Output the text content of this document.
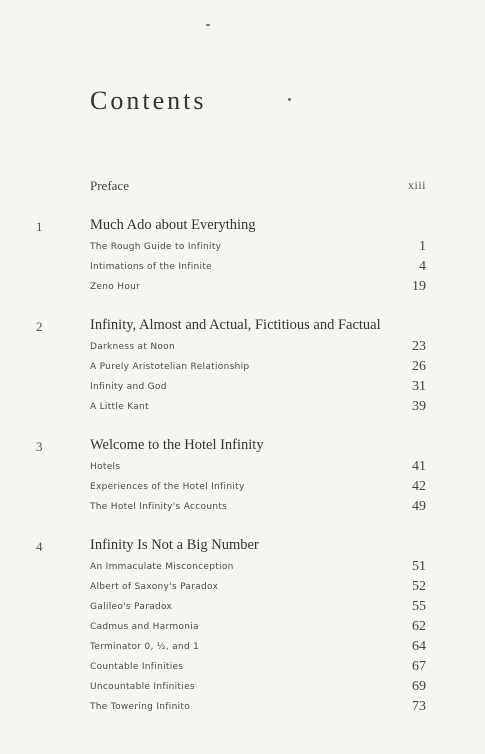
Contents
Preface	xiii
1	Much Ado about Everything
The Rough Guide to Infinity	1
Intimations of the Infinite	4
Zeno Hour	19
2	Infinity, Almost and Actual, Fictitious and Factual
Darkness at Noon	23
A Purely Aristotelian Relationship	26
Infinity and God	31
A Little Kant	39
3	Welcome to the Hotel Infinity
Hotels	41
Experiences of the Hotel Infinity	42
The Hotel Infinity's Accounts	49
4	Infinity Is Not a Big Number
An Immaculate Misconception	51
Albert of Saxony's Paradox	52
Galileo's Paradox	55
Cadmus and Harmonia	62
Terminator 0, ½, and 1	64
Countable Infinities	67
Uncountable Infinities	69
The Towering Infinito	73
